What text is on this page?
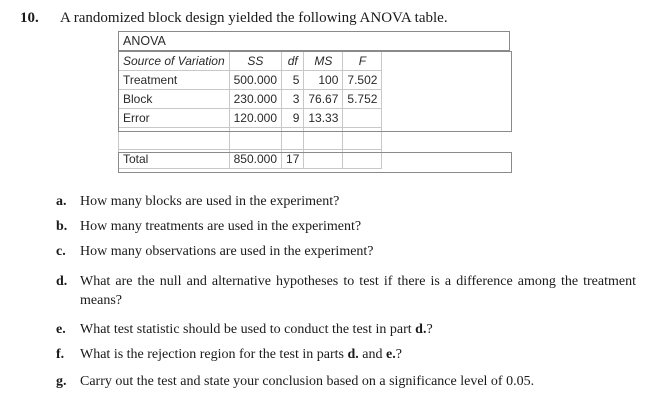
10. A randomized block design yielded the following ANOVA table.
ANOVA
Source of Variation	SS	df	MS	F
Treatment	500.000	5	100	7.502
Block	230.000	3	76.67	5.752
Error	120.000	9	13.33	

Total	850.000	17		
a. How many blocks are used in the experiment?
b. How many treatments are used in the experiment?
c. How many observations are used in the experiment?
d. What are the null and alternative hypotheses to test if there is a difference among the treatment means?
e. What test statistic should be used to conduct the test in part d.?
f. What is the rejection region for the test in parts d. and e.?
g. Carry out the test and state your conclusion based on a significance level of 0.05.
